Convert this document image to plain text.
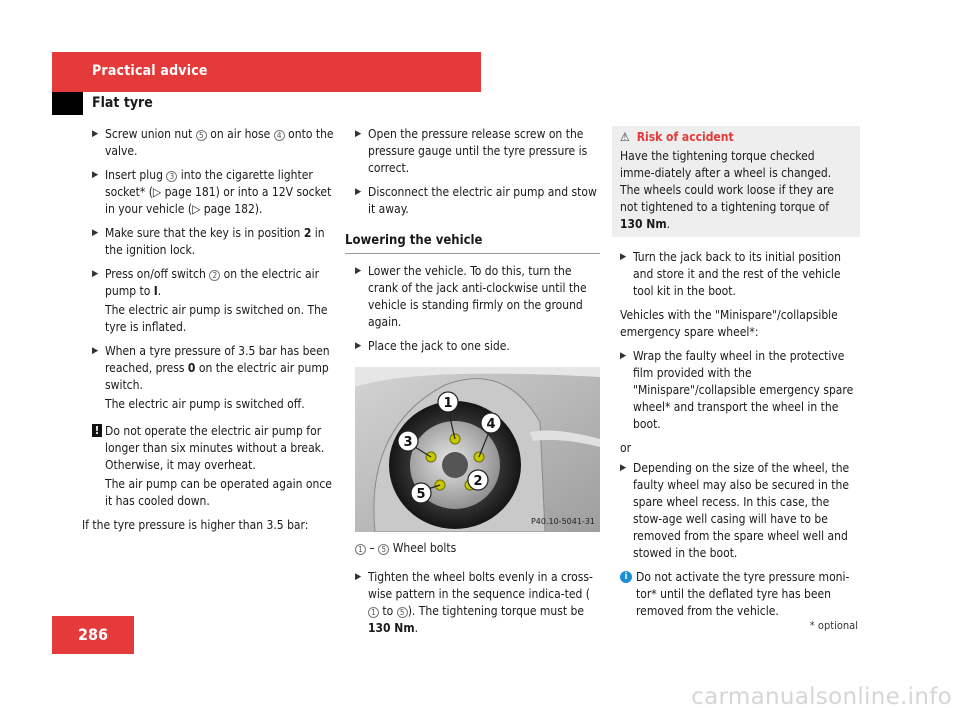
Practical advice
Flat tyre
▶ Screw union nut 5 on air hose 4 onto the valve.
▶ Insert plug 3 into the cigarette lighter socket* (▷ page 181) or into a 12V socket in your vehicle (▷ page 182).
▶ Make sure that the key is in position 2 in the ignition lock.
▶ Press on/off switch 2 on the electric air pump to I.
The electric air pump is switched on. The tyre is inflated.
▶ When a tyre pressure of 3.5 bar has been reached, press 0 on the electric air pump switch.
The electric air pump is switched off.
! Do not operate the electric air pump for longer than six minutes without a break. Otherwise, it may overheat.
The air pump can be operated again once it has cooled down.
If the tyre pressure is higher than 3.5 bar:
▶ Open the pressure release screw on the pressure gauge until the tyre pressure is correct.
▶ Disconnect the electric air pump and stow it away.
Lowering the vehicle
▶ Lower the vehicle. To do this, turn the crank of the jack anti-clockwise until the vehicle is standing firmly on the ground again.
▶ Place the jack to one side.
1
2
3
4
5
P40.10-5041-31
1 – 5 Wheel bolts
▶ Tighten the wheel bolts evenly in a cross-wise pattern in the sequence indica-ted (1 to 5 ). The tightening torque must be 130 Nm.
⚠ Risk of accident
Have the tightening torque checked imme-diately after a wheel is changed. The wheels could work loose if they are not tightened to a tightening torque of 130 Nm.
▶ Turn the jack back to its initial position and store it and the rest of the vehicle tool kit in the boot.
Vehicles with the "Minispare"/collapsible emergency spare wheel*:
▶ Wrap the faulty wheel in the protective film provided with the "Minispare"/collapsible emergency spare wheel* and transport the wheel in the boot.
or
▶ Depending on the size of the wheel, the faulty wheel may also be secured in the spare wheel recess. In this case, the stow-age well casing will have to be removed from the spare wheel well and stowed in the boot.
i Do not activate the tyre pressure moni-tor* until the deflated tyre has been removed from the vehicle.
286	* optional
carmanualsonline.info
